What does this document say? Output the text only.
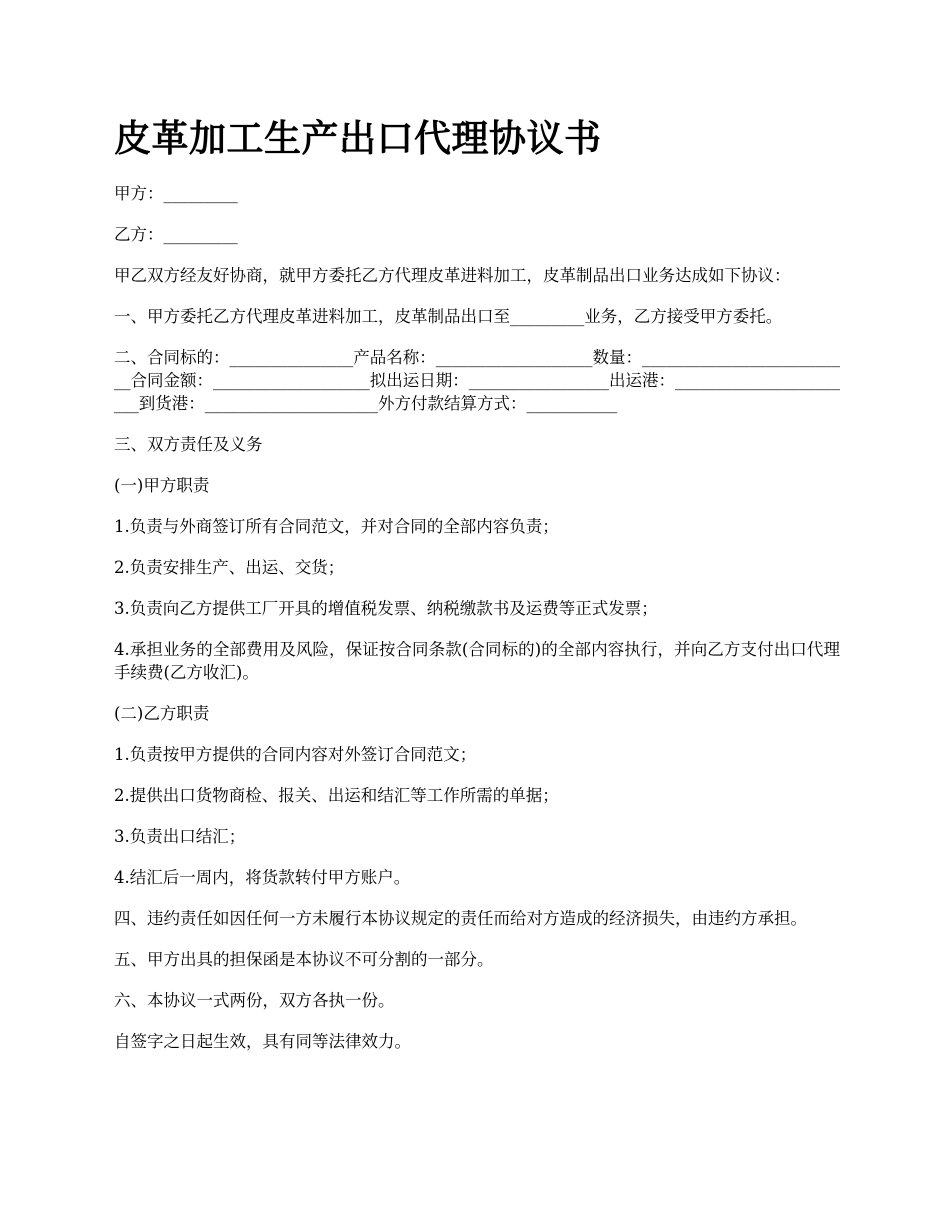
皮革加工生产出口代理协议书

甲方：_________

乙方：_________

甲乙双方经友好协商，就甲方委托乙方代理皮革进料加工，皮革制品出口业务达成如下协议：

一、甲方委托乙方代理皮革进料加工，皮革制品出口至_________业务，乙方接受甲方委托。

二、合同标的：_______________产品名称：___________________数量：__________________________合同金额：___________________拟出运日期：_________________出运港：_______________________到货港：_____________________外方付款结算方式：___________

三、双方责任及义务

(一)甲方职责

1.负责与外商签订所有合同范文，并对合同的全部内容负责；

2.负责安排生产、出运、交货；

3.负责向乙方提供工厂开具的增值税发票、纳税缴款书及运费等正式发票；

4.承担业务的全部费用及风险，保证按合同条款(合同标的)的全部内容执行，并向乙方支付出口代理手续费(乙方收汇)。

(二)乙方职责

1.负责按甲方提供的合同内容对外签订合同范文；

2.提供出口货物商检、报关、出运和结汇等工作所需的单据；

3.负责出口结汇；

4.结汇后一周内，将货款转付甲方账户。

四、违约责任如因任何一方未履行本协议规定的责任而给对方造成的经济损失，由违约方承担。

五、甲方出具的担保函是本协议不可分割的一部分。

六、本协议一式两份，双方各执一份。

自签字之日起生效，具有同等法律效力。
